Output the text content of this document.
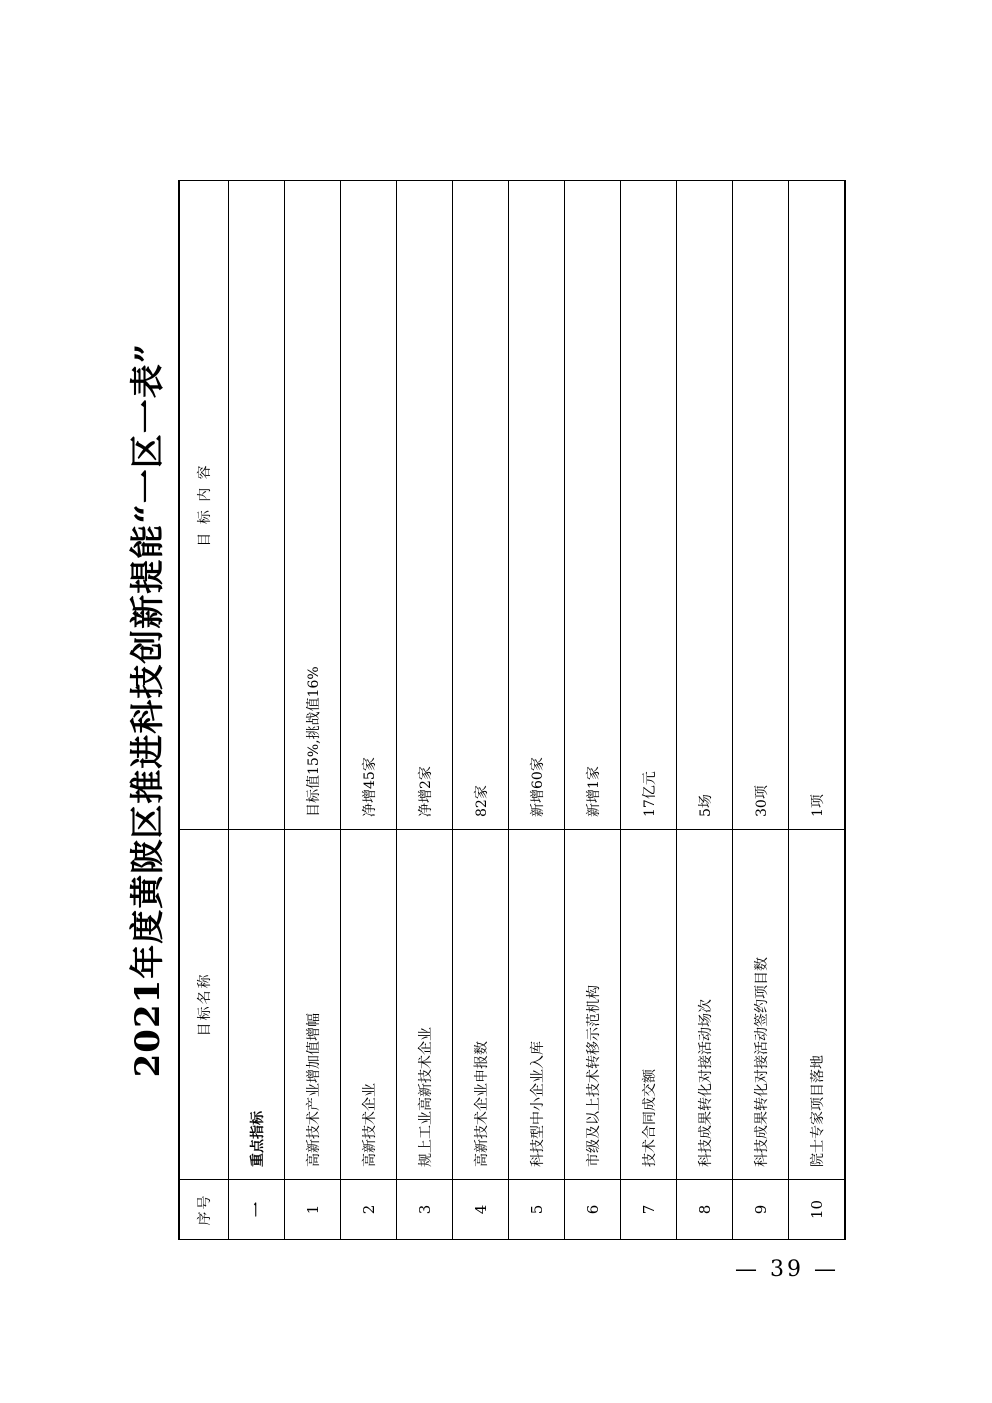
2021年度黄陂区推进科技创新提能“一区一表”
序号	目标名称	目 标 内 容
一	重点指标	
1	高新技术产业增加值增幅	目标值15%,挑战值16%
2	高新技术企业	净增45家
3	规上工业高新技术企业	净增2家
4	高新技术企业申报数	82家
5	科技型中小企业入库	新增60家
6	市级及以上技术转移示范机构	新增1家
7	技术合同成交额	17亿元
8	科技成果转化对接活动场次	5场
9	科技成果转化对接活动签约项目数	30项
10	院士专家项目落地	1项
— 39 —
